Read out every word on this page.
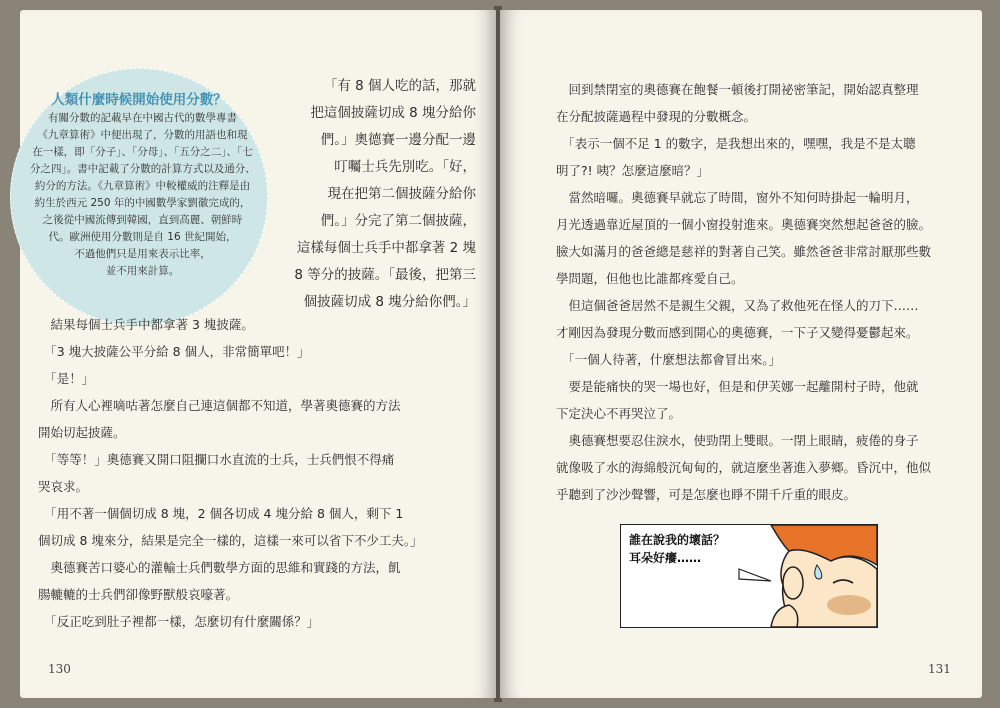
人類什麼時候開始使用分數？
有關分數的記載早在中國古代的數學專書
《九章算術》中便出現了，分數的用語也和現
在一樣，即「分子」、「分母」、「五分之二」、「七
分之四」。書中記載了分數的計算方式以及通分、
約分的方法。《九章算術》中較權威的注釋是由
約生於西元 250 年的中國數學家劉徽完成的，
之後從中國流傳到韓國，直到高麗、朝鮮時
代。歐洲使用分數則是自 16 世紀開始，
不過他們只是用來表示比率，
並不用來計算。
「有 8 個人吃的話，那就
把這個披薩切成 8 塊分給你
們。」奧德賽一邊分配一邊
叮囑士兵先別吃。「好，
現在把第二個披薩分給你
們。」分完了第二個披薩，
這樣每個士兵手中都拿著 2 塊
8 等分的披薩。「最後，把第三
個披薩切成 8 塊分給你們。」
　結果每個士兵手中都拿著 3 塊披薩。
　「3 塊大披薩公平分給 8 個人，非常簡單吧！」
　「是！」
　所有人心裡嘀咕著怎麼自己連這個都不知道，學著奧德賽的方法
開始切起披薩。
　「等等！」奧德賽又開口阻攔口水直流的士兵，士兵們恨不得痛
哭哀求。
　「用不著一個個切成 8 塊，2 個各切成 4 塊分給 8 個人，剩下 1
個切成 8 塊來分，結果是完全一樣的，這樣一來可以省下不少工夫。」
　奧德賽苦口婆心的灌輸士兵們數學方面的思維和實踐的方法，飢
腸轆轆的士兵們卻像野獸般哀嚎著。
　「反正吃到肚子裡都一樣，怎麼切有什麼關係？」
130
　回到禁閉室的奧德賽在飽餐一頓後打開祕密筆記，開始認真整理
在分配披薩過程中發現的分數概念。
　「表示一個不足 1 的數字，是我想出來的，嘿嘿，我是不是太聰
明了?! 咦？怎麼這麼暗？」
　當然暗囉。奧德賽早就忘了時間，窗外不知何時掛起一輪明月，
月光透過靠近屋頂的一個小窗投射進來。奧德賽突然想起爸爸的臉。
臉大如滿月的爸爸總是慈祥的對著自己笑。雖然爸爸非常討厭那些數
學問題，但他也比誰都疼愛自己。
　但這個爸爸居然不是親生父親，又為了救他死在怪人的刀下……
才剛因為發現分數而感到開心的奧德賽，一下子又變得憂鬱起來。
　「一個人待著，什麼想法都會冒出來。」
　要是能痛快的哭一場也好，但是和伊芙娜一起離開村子時，他就
下定決心不再哭泣了。
　奧德賽想要忍住淚水，使勁閉上雙眼。一閉上眼睛，疲倦的身子
就像吸了水的海綿般沉甸甸的，就這麼坐著進入夢鄉。昏沉中，他似
乎聽到了沙沙聲響，可是怎麼也睜不開千斤重的眼皮。
誰在說我的壞話？
耳朵好癢……
131
